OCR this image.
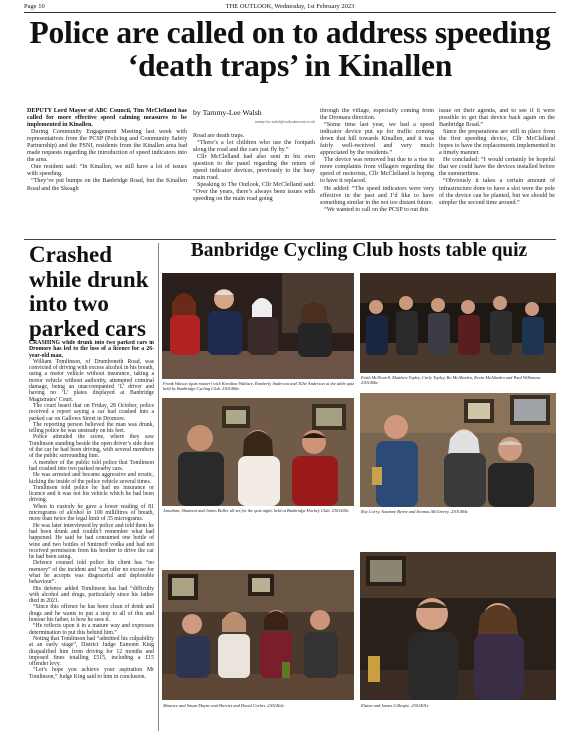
Page 10	THE OUTLOOK, Wednesday, 1st February 2023
Police are called on to address speeding ‘death traps’ in Kinallen

DEPUTY Lord Mayor of ABC Council, Tim McClelland has called for more effective speed calming measures to be implemented in Kinallen.

During Community Engagement Meeting last week with representatives from the PCSP (Policing and Community Safety Partnership) and the PSNI, residents from the Kinallen area had made requests regarding the introduction of speed indicators into the area.

One resident said: “In Kinallen, we still have a lot of issues with speeding.

“They’ve put bumps on the Banbridge Road, but the Kinallen Road and the Skeagh

by Tammy-Lee Walsh
tammy-lee.walsh@outlooknewsni.co.uk

Road are death traps.

“There’s a lot children who use the footpath along the road and the cars just fly by.”

Cllr McClelland had also sent in his own question to the panel regarding the return of speed indicator devices, previously to the busy main road.

Speaking to The Outlook, Cllr McClelland said: “Over the years, there’s always been issues with speeding on the main road going

through the village, especially coming from the Dromara direction.

“Some time last year, we had a speed indicator device put up for traffic coming down that hill towards Kinallen, and it was fairly well-received and very much appreciated by the residents.”

The device was removed but due to a rise in more complaints from villagers regarding the speed of motorists, Cllr McClelland is hoping to have it replaced.

He added: “The speed indicators were very effective in the past and I’d like to have something similar in the not too distant future.

“We wanted to call on the PCSP to out this

issue on their agenda, and to see if it were possible to get that device back again on the Banbridge Road.”

Since the preparations are still in place from the first speeding device, Cllr McClelland hopes to have the replacements implemented in a timely manner.

He concluded: “I would certainly be hopeful that we could have the devices installed before the summertime.

“Obviously it takes a certain amount of infrastructure done to have a slot were the pole of the device can be planted, but we should be simpler the second time around.”

Crashed while drunk into two parked cars

CRASHING while drunk into two parked cars in Dromore has led to the loss of a licence for a 26-year-old man.

William Tomlinson, of Drumboneth Road, was convicted of driving with excess alcohol in his breath, using a motor vehicle without insurance, taking a motor vehicle without authority, attempted criminal damage, being an unaccompanied ‘L’ driver and having no ‘L’ plates displayed at Banbridge Magistrates’ Court.

The court heard that on Friday, 28 October, police received a report saying a car had crashed into a parked car on Gallows Street in Dromore.

The reporting person believed the man was drunk, telling police he was unsteady on his feet.

Police attended the scene, where they saw Tomlinson standing beside the open driver’s side door of the car he had been driving, with several members of the public surrounding him.

A member of the public told police that Tomlinson had crashed into two parked nearby cars.

He was arrested and became aggressive and erratic, kicking the inside of the police vehicle several times.

Tomlinson told police he had no insurance or licence and it was not his vehicle which he had been driving.

When in custody he gave a lower reading of 81 micrograms of alcohol in 100 millilitres of breath, more than twice the legal limit of 35 micrograms.

He was later interviewed by police and told them he had been drunk and couldn’t remember what had happened. He said he had consumed one bottle of wine and two bottles of Smirnoff vodka and had not received permission from his brother to drive the car he had been using.

Defence counsel told police his client has “no memory” of the incident and “can offer no excuse for what he accepts was disgraceful and deplorable behaviour”.

His defence added Tomlinson has had “difficulty with alcohol and drugs, particularly since his father died in 2021.

“Since this offence he has been clean of drink and drugs and he wants to put a stop to all of this and honour his father, is how he sees it.

“He reflects upon it in a mature way and expresses determination to put this behind him.”

Noting that Tomlinson had “admitted his culpability at an early stage”, District Judge Eamonn King disqualified him from driving for 12 months and imposed fines totalling £515, including a £15 offender levy.

“Let’s hope you achieve your aspiration Mr Tomlinson,” Judge King said to him in conclusion.

Banbridge Cycling Club hosts table quiz
Frank Watson (quiz master) with Karalina Wallace, Kimberly Anderson and Tillie Anderson at the table quiz held by Banbridge Cycling Club. 2301406c
Faith McDowell, Matthew Topley, Carly Topley, Bo McAlinden, Kevin McAlinden and Paul Wilkinson. 2301406c
Jonathan, Shannon and James Boller all set for the quiz night, held at Banbridge Hockey Club. 2301405c	Roy Corry, Suzanne Byrne and Seamus McGreevy. 2301404c
Maurice and Susan Mayne and Harriet and David Corbet. 2301402c	Elaine and James Gillespie. 2301401c
